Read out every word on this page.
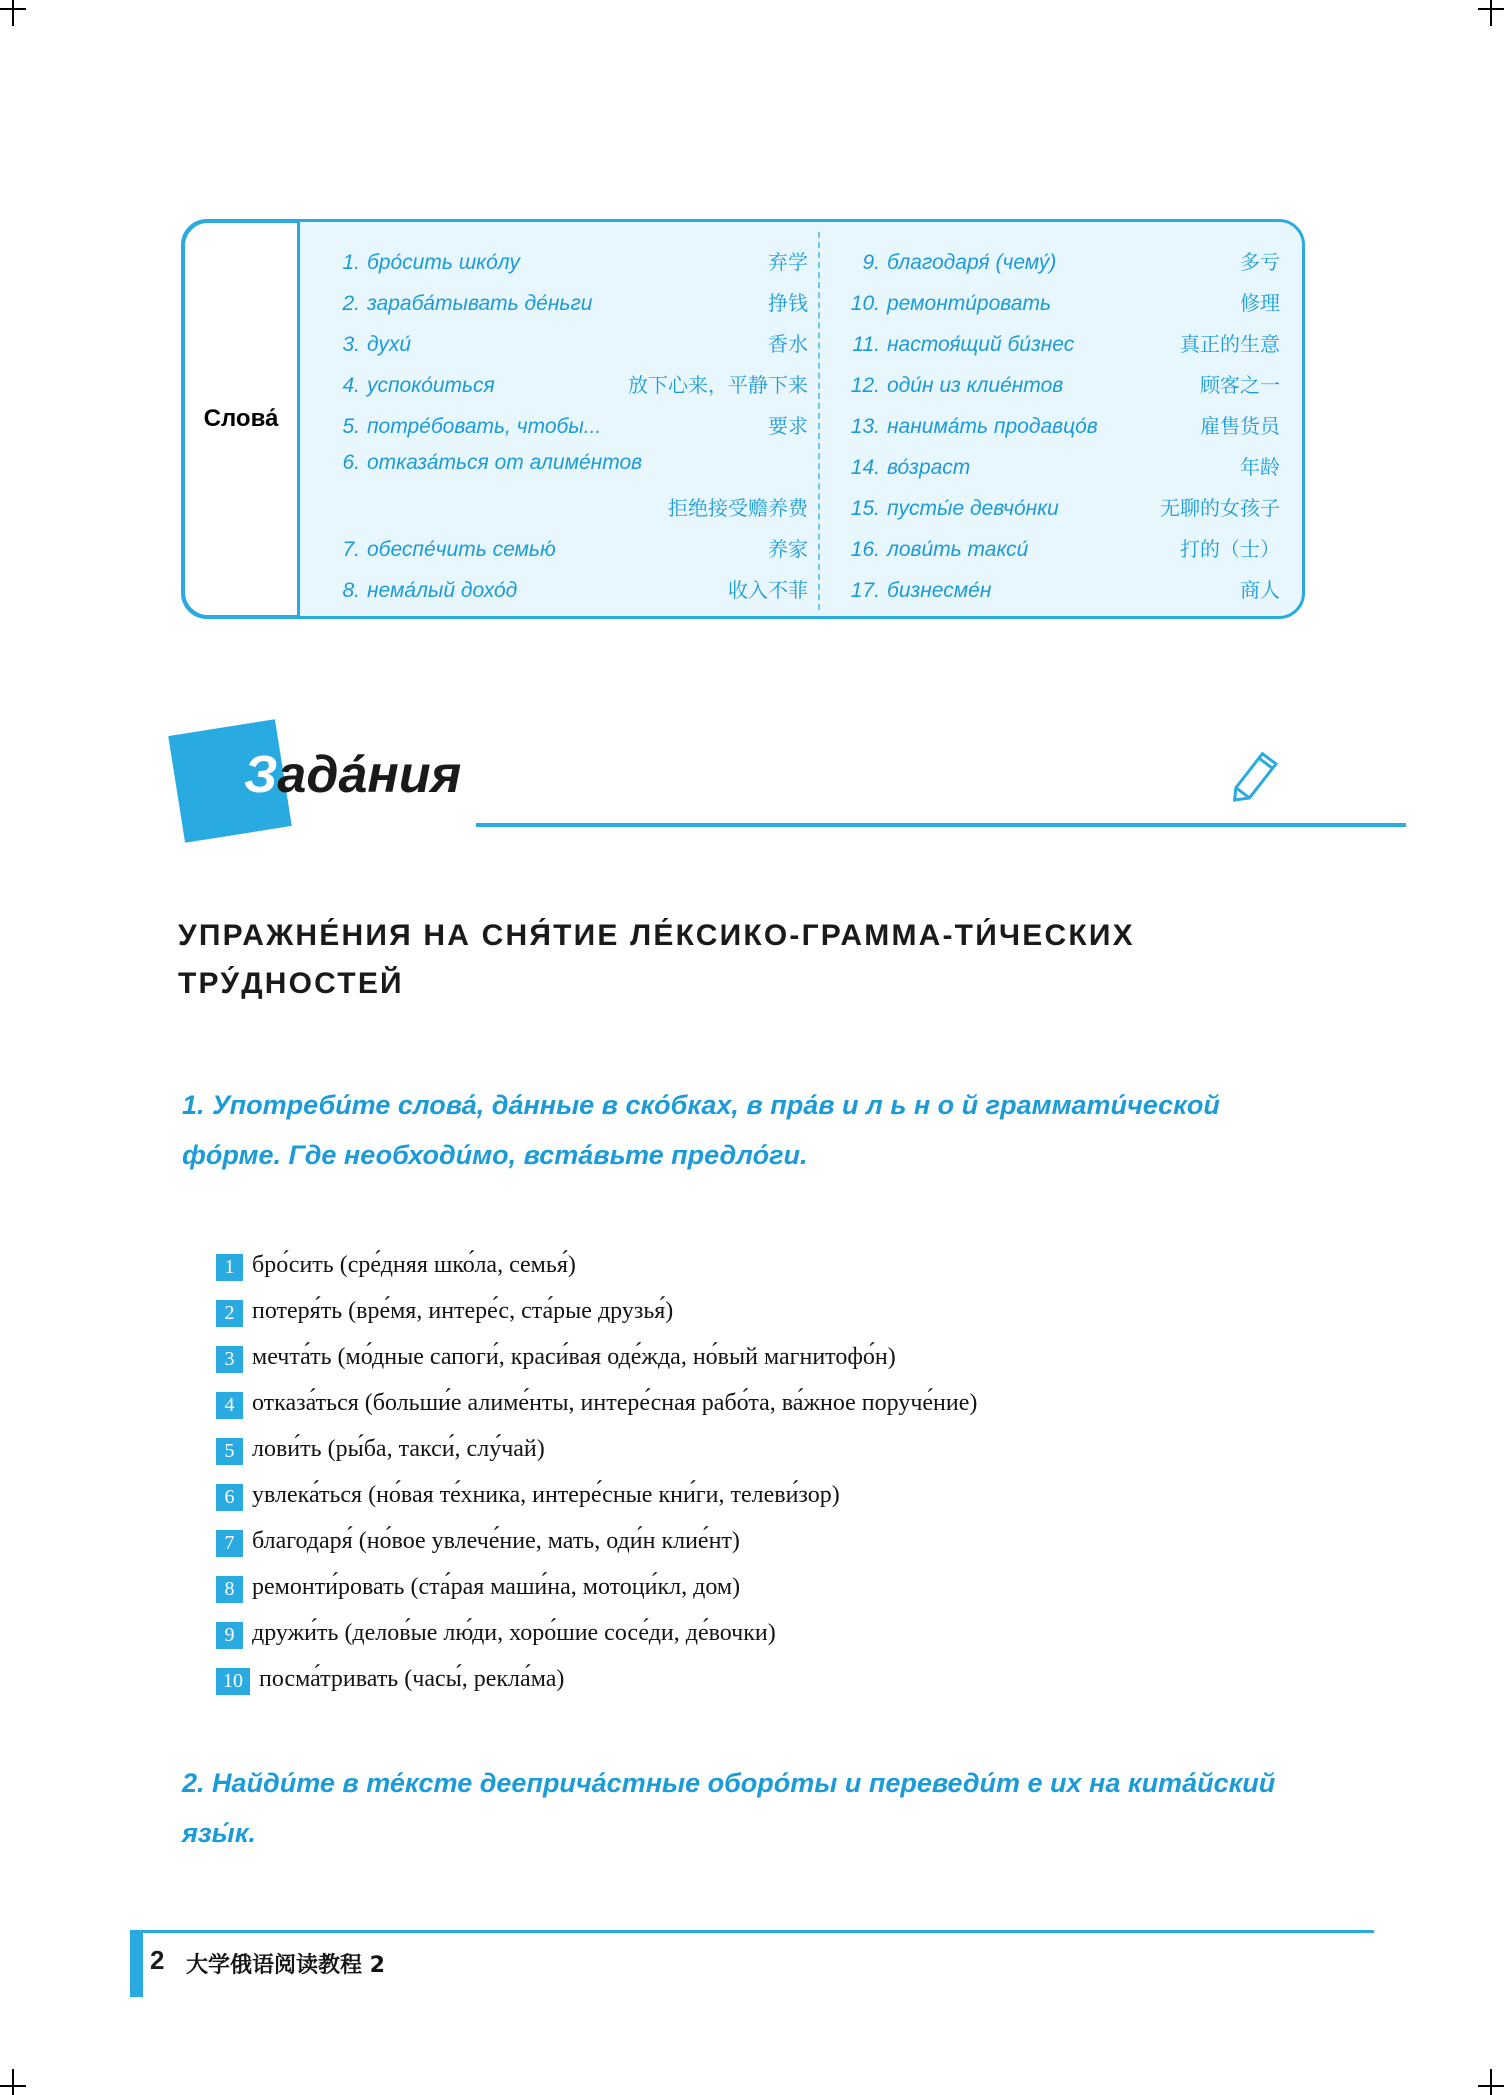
Слова́
1. бро́сить шко́лу	弃学
2. зараба́тывать де́ньги	挣钱
3. духи́	香水
4. успоко́иться	放下心来，平静下来
5. потре́бовать, чтобы...	要求
6. отказа́ться от алиме́нтов
拒绝接受赡养费
7. обеспе́чить семью́	养家
8. нема́лый дохо́д	收入不菲
9. благодаря́ (чему́)	多亏
10. ремонти́ровать	修理
11. настоя́щий би́знес	真正的生意
12. оди́н из клие́нтов	顾客之一
13. нанима́ть продавцо́в	雇售货员
14. во́зраст	年龄
15. пусты́е девчо́нки	无聊的女孩子
16. лови́ть такси́	打的（士）
17. бизнесме́н	商人
Зада́ния
УПРАЖНЕ́НИЯ НА СНЯ́ТИЕ ЛЕ́КСИКО-ГРАММА-ТИ́ЧЕСКИХ ТРУ́ДНОСТЕЙ
1. Употреби́те слова́, да́нные в ско́бках, в пра́в и л ь н о й граммати́ческой фо́рме. Где необходи́мо, вста́вьте предло́ги.
1 бро́сить (сре́дняя шко́ла, семья́)
2 потеря́ть (вре́мя, интере́с, ста́рые друзья́)
3 мечта́ть (мо́дные сапоги́, краси́вая оде́жда, но́вый магнитофо́н)
4 отказа́ться (больши́е алиме́нты, интере́сная рабо́та, ва́жное поруче́ние)
5 лови́ть (ры́ба, такси́, слу́чай)
6 увлека́ться (но́вая те́хника, интере́сные кни́ги, телеви́зор)
7 благодаря́ (но́вое увлече́ние, мать, оди́н клие́нт)
8 ремонти́ровать (ста́рая маши́на, мотоци́кл, дом)
9 дружи́ть (делов́ые лю́ди, хоро́шие сосе́ди, де́вочки)
10 посма́тривать (часы́, рекла́ма)
2. Найди́те в те́ксте дееприча́стные оборо́ты и переведи́т е их на кита́йский язы́к.
2 大学俄语阅读教程 2
